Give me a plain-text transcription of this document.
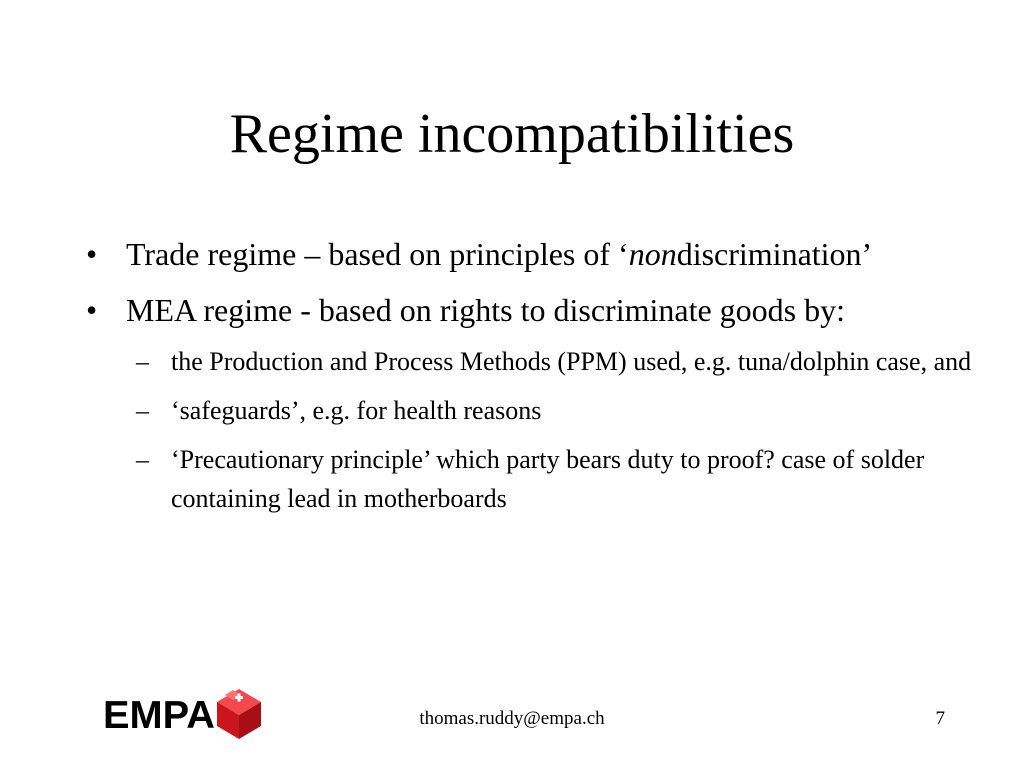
Regime incompatibilities
• Trade regime – based on principles of ‘nondiscrimination’
• MEA regime - based on rights to discriminate goods by:
– the Production and Process Methods (PPM) used, e.g. tuna/dolphin case, and
– ‘safeguards’, e.g. for health reasons
– ‘Precautionary principle’ which party bears duty to proof? case of solder containing lead in motherboards
EMPA	thomas.ruddy@empa.ch	7
